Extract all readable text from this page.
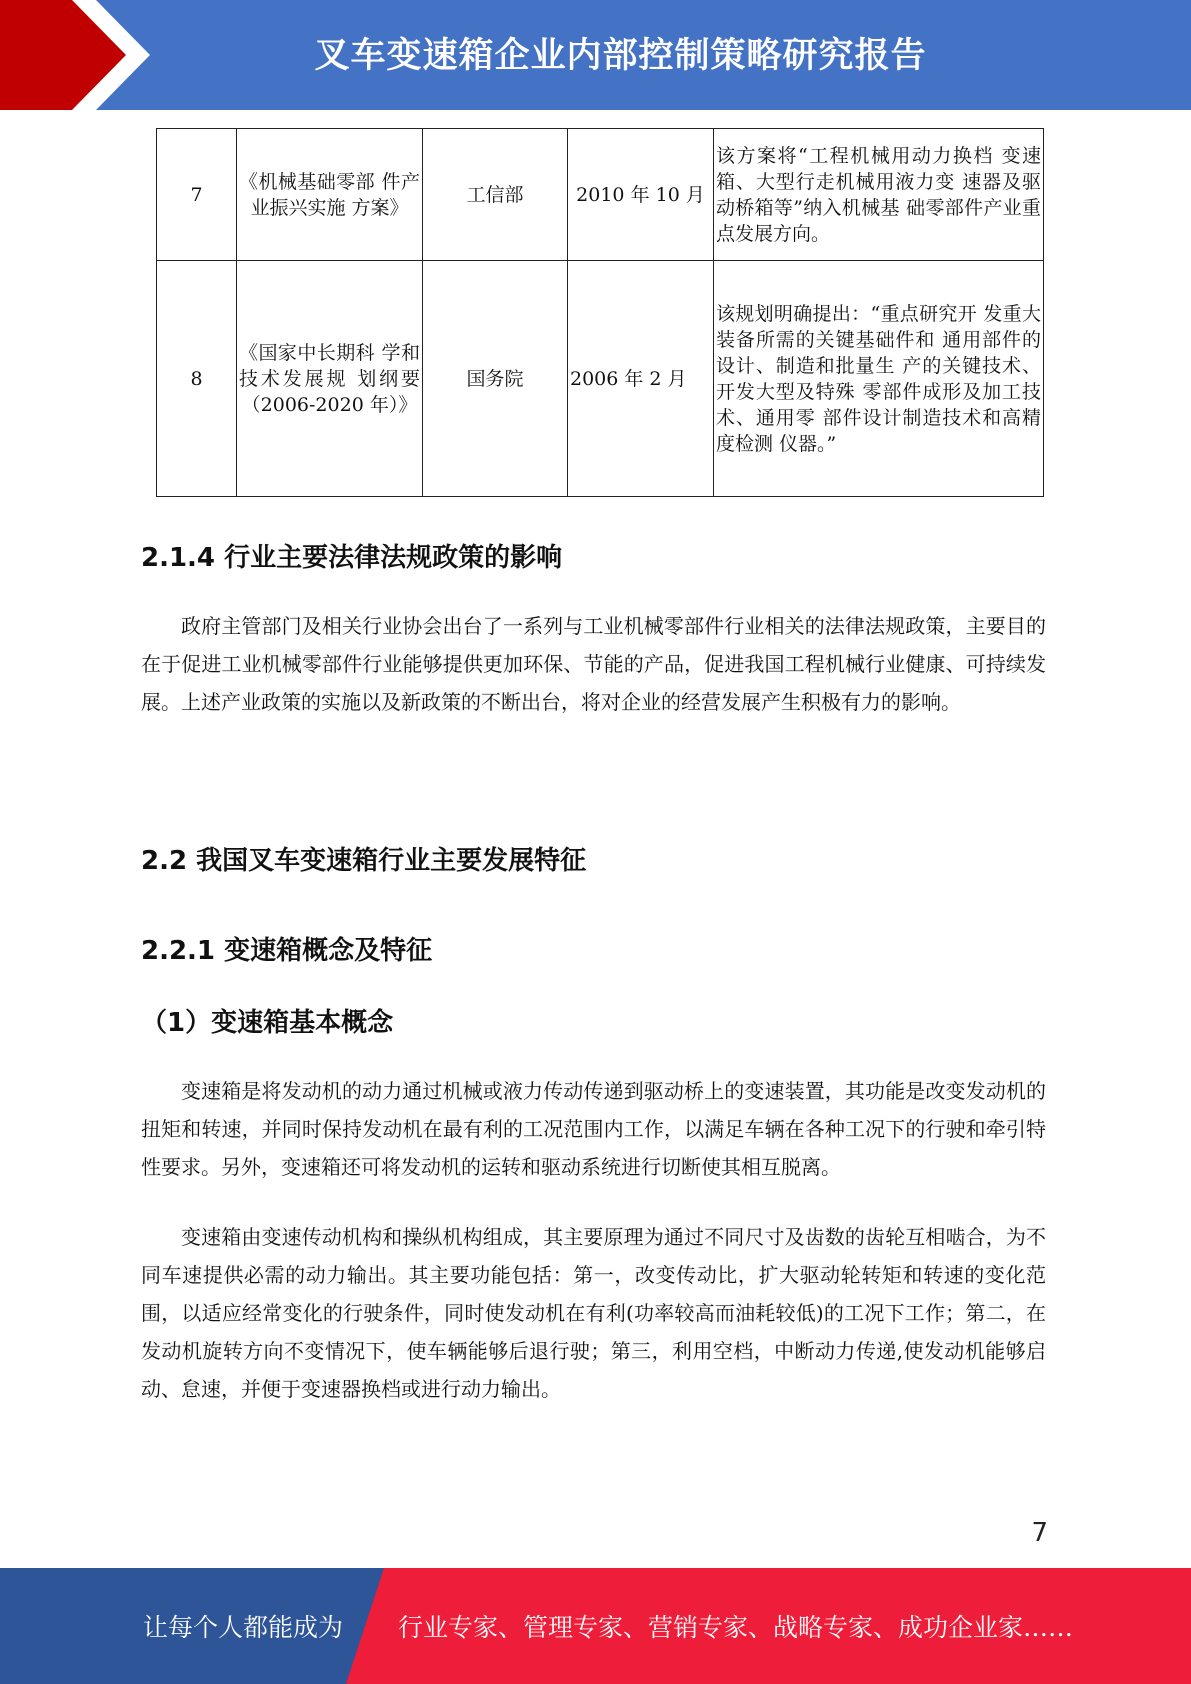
叉车变速箱企业内部控制策略研究报告
7	《机械基础零部 件产业振兴实施 方案》	工信部	2010 年 10 月	该方案将“工程机械用动力换档 变速箱、大型行走机械用液力变 速器及驱动桥箱等”纳入机械基 础零部件产业重点发展方向。
8	《国家中长期科 学和技术发展规 划纲要（2006-2020 年）》	国务院	2006 年 2 月	该规划明确提出：“重点研究开 发重大装备所需的关键基础件和 通用部件的设计、制造和批量生 产的关键技术、开发大型及特殊 零部件成形及加工技术、通用零 部件设计制造技术和高精度检测 仪器。”
2.1.4 行业主要法律法规政策的影响

政府主管部门及相关行业协会出台了一系列与工业机械零部件行业相关的法律法规政策，主要目的在于促进工业机械零部件行业能够提供更加环保、节能的产品，促进我国工程机械行业健康、可持续发展。上述产业政策的实施以及新政策的不断出台，将对企业的经营发展产生积极有力的影响。

2.2 我国叉车变速箱行业主要发展特征
2.2.1 变速箱概念及特征
（1）变速箱基本概念

变速箱是将发动机的动力通过机械或液力传动传递到驱动桥上的变速装置，其功能是改变发动机的扭矩和转速，并同时保持发动机在最有利的工况范围内工作，以满足车辆在各种工况下的行驶和牵引特性要求。另外，变速箱还可将发动机的运转和驱动系统进行切断使其相互脱离。

变速箱由变速传动机构和操纵机构组成，其主要原理为通过不同尺寸及齿数的齿轮互相啮合，为不同车速提供必需的动力输出。其主要功能包括：第一，改变传动比，扩大驱动轮转矩和转速的变化范围，以适应经常变化的行驶条件，同时使发动机在有利(功率较高而油耗较低)的工况下工作；第二，在发动机旋转方向不变情况下，使车辆能够后退行驶；第三，利用空档，中断动力传递,使发动机能够启动、怠速，并便于变速器换档或进行动力输出。

7
让每个人都能成为 行业专家、管理专家、营销专家、战略专家、成功企业家……
